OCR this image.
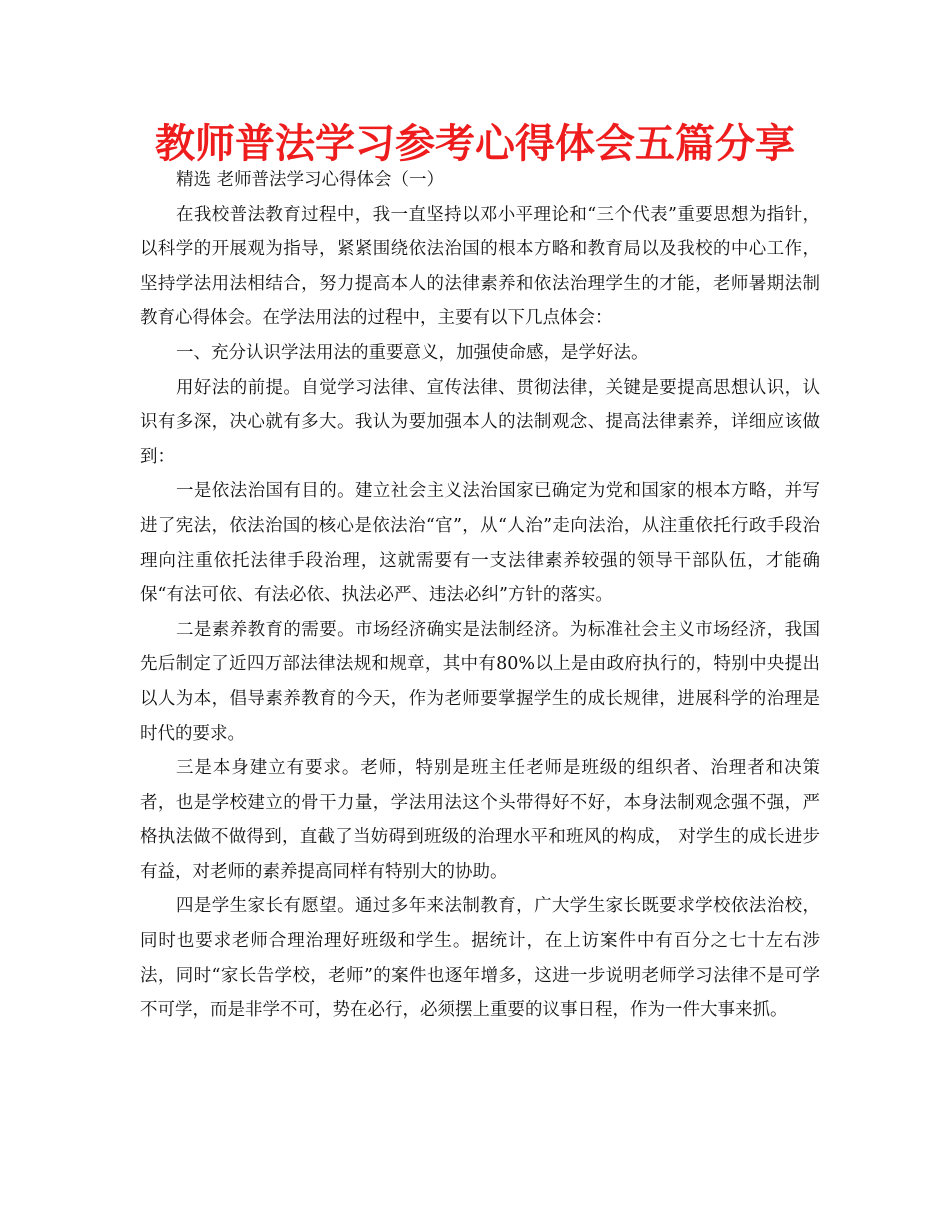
教师普法学习参考心得体会五篇分享

精选 老师普法学习心得体会（一）

在我校普法教育过程中，我一直坚持以邓小平理论和“三个代表”重要思想为指针，以科学的开展观为指导，紧紧围绕依法治国的根本方略和教育局以及我校的中心工作，坚持学法用法相结合，努力提高本人的法律素养和依法治理学生的才能，老师暑期法制教育心得体会。在学法用法的过程中，主要有以下几点体会：

一、充分认识学法用法的重要意义，加强使命感，是学好法。

用好法的前提。自觉学习法律、宣传法律、贯彻法律，关键是要提高思想认识，认识有多深，决心就有多大。我认为要加强本人的法制观念、提高法律素养，详细应该做到：

一是依法治国有目的。建立社会主义法治国家已确定为党和国家的根本方略，并写进了宪法，依法治国的核心是依法治“官”，从“人治”走向法治，从注重依托行政手段治理向注重依托法律手段治理，这就需要有一支法律素养较强的领导干部队伍，才能确保“有法可依、有法必依、执法必严、违法必纠”方针的落实。

二是素养教育的需要。市场经济确实是法制经济。为标准社会主义市场经济，我国先后制定了近四万部法律法规和规章，其中有80%以上是由政府执行的，特别中央提出以人为本，倡导素养教育的今天，作为老师要掌握学生的成长规律，进展科学的治理是时代的要求。

三是本身建立有要求。老师，特别是班主任老师是班级的组织者、治理者和决策者，也是学校建立的骨干力量，学法用法这个头带得好不好，本身法制观念强不强，严格执法做不做得到，直截了当妨碍到班级的治理水平和班风的构成， 对学生的成长进步有益，对老师的素养提高同样有特别大的协助。

四是学生家长有愿望。通过多年来法制教育，广大学生家长既要求学校依法治校，同时也要求老师合理治理好班级和学生。据统计，在上访案件中有百分之七十左右涉法，同时“家长告学校，老师”的案件也逐年增多，这进一步说明老师学习法律不是可学不可学，而是非学不可，势在必行，必须摆上重要的议事日程，作为一件大事来抓。
